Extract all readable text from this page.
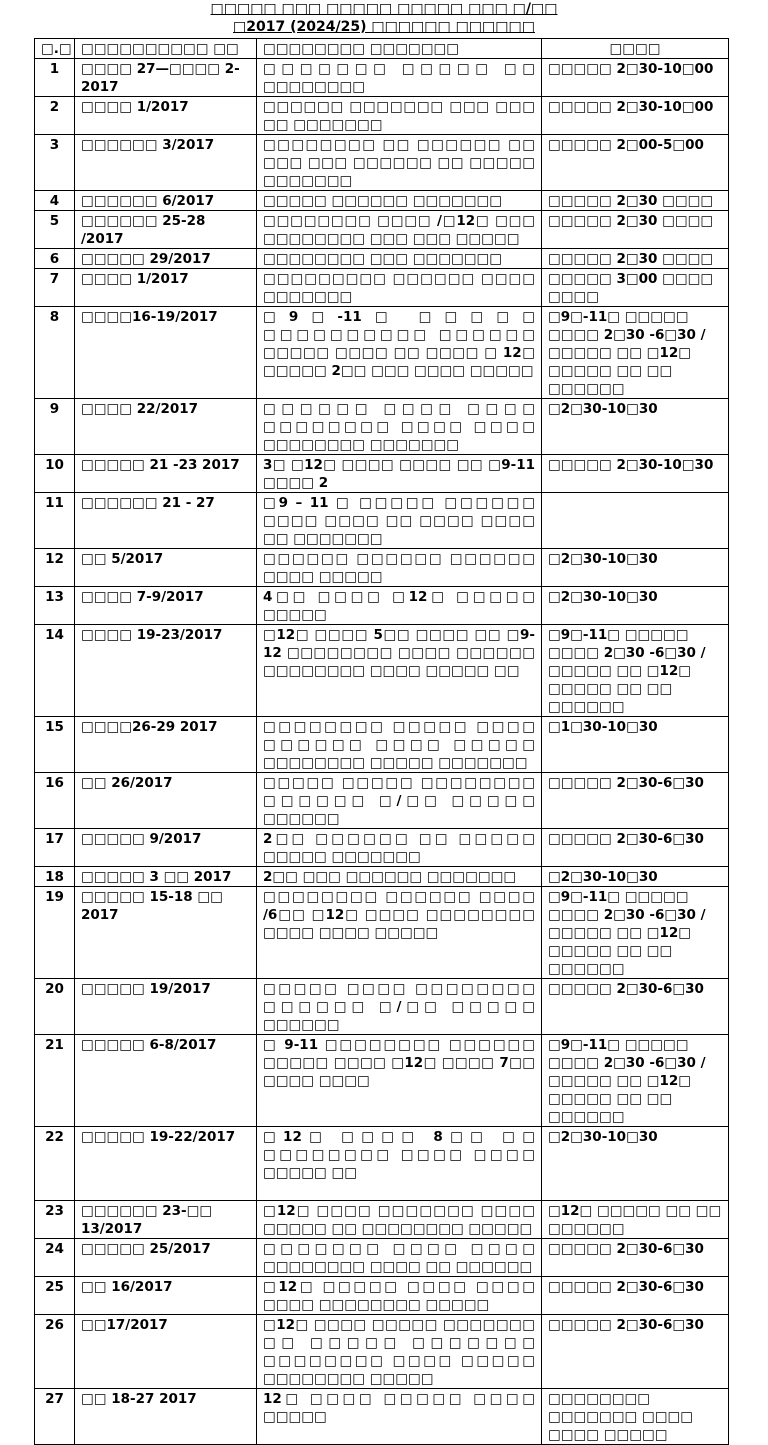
□□□□□ □□□ □□□□□ □□□□□ □□□ □/□□
□2017 (2024/25) □□□□□□ □□□□□□
□.□	□□□□□□□□□□ □□	□□□□□□□□ □□□□□□□	□□□□
1	□□□□ 27—□□□□ 2-2017	□□□□□□□ □□□□□ □□ □□□□□□□□	□□□□□ 2□30-10□00
2	□□□□ 1/2017	□□□□□□ □□□□□□□ □□□ □□□ □□ □□□□□□□	□□□□□ 2□30-10□00
3	□□□□□□ 3/2017	□□□□□□□□ □□ □□□□□□ □□ □□□ □□□ □□□□□□ □□ □□□□□ □□□□□□□	□□□□□ 2□00-5□00
4	□□□□□□ 6/2017	□□□□□ □□□□□□ □□□□□□□	□□□□□ 2□30 □□□□
5	□□□□□□ 25-28 /2017	□□□□□□□□ □□□□ /□12□ □□□ □□□□□□□□ □□□ □□□ □□□□□	□□□□□ 2□30 □□□□
6	□□□□□ 29/2017	□□□□□□□□ □□□ □□□□□□□	□□□□□ 2□30 □□□□
7	□□□□ 1/2017	□□□□□□□□□ □□□□□□ □□□□ □□□□□□□	□□□□□ 3□00 □□□□ □□□□
8	□□□□16-19/2017	□9□-11□ □□□□□ □□□□□□□□□□ □□□□□□ □□□□□ □□□□ □□ □□□□ □ 12□ □□□□□ 2□□ □□□ □□□□ □□□□□	□9□-11□ □□□□□ □□□□ 2□30 -6□30 /□□□□□ □□ □12□ □□□□□ □□ □□ □□□□□□
9	□□□□ 22/2017	□□□□□□ □□□□ □□□□ □□□□□□□□ □□□□ □□□□ □□□□□□□□ □□□□□□□	□2□30-10□30
10	□□□□□ 21 -23 2017	3□ □12□ □□□□ □□□□ □□ □9-11 □□□□ 2	□□□□□ 2□30-10□30
11	□□□□□□ 21 - 27	□9 – 11 □ □□□□□ □□□□□□ □□□□ □□□□ □□ □□□□ □□□□ □□ □□□□□□□	
12	□□ 5/2017	□□□□□□ □□□□□□ □□□□□□ □□□□ □□□□□	□2□30-10□30
13	□□□□ 7-9/2017	4□□ □□□□ □12□ □□□□□ □□□□□	□2□30-10□30
14	□□□□ 19-23/2017	□12□ □□□□ 5□□ □□□□ □□ □9-12 □□□□□□□□ □□□□ □□□□□□ □□□□□□□□ □□□□ □□□□□ □□	□9□-11□ □□□□□ □□□□ 2□30 -6□30 /□□□□□ □□ □12□ □□□□□ □□ □□ □□□□□□
15	□□□□26-29 2017	□□□□□□□□ □□□□□ □□□□ □□□□□□ □□□□ □□□□□ □□□□□□□□ □□□□□ □□□□□□□	□1□30-10□30
16	□□ 26/2017	□□□□□ □□□□□ □□□□□□□□ □□□□□□ □/□□ □□□□□ □□□□□□	□□□□□ 2□30-6□30
17	□□□□□ 9/2017	2□□ □□□□□□ □□ □□□□□ □□□□□ □□□□□□□	□□□□□ 2□30-6□30
18	□□□□□ 3 □□ 2017	2□□ □□□ □□□□□□ □□□□□□□	□2□30-10□30
19	□□□□□ 15-18 □□ 2017	□□□□□□□□ □□□□□□ □□□□ /6□□ □12□ □□□□ □□□□□□□□ □□□□ □□□□ □□□□□	□9□-11□ □□□□□ □□□□ 2□30 -6□30 /□□□□□ □□ □12□ □□□□□ □□ □□ □□□□□□
20	□□□□□ 19/2017	□□□□□ □□□□ □□□□□□□□ □□□□□□ □/□□ □□□□□ □□□□□□	□□□□□ 2□30-6□30
21	□□□□□ 6-8/2017	□ 9-11 □□□□□□□□ □□□□□□ □□□□□ □□□□ □12□ □□□□ 7□□ □□□□ □□□□	□9□-11□ □□□□□ □□□□ 2□30 -6□30 /□□□□□ □□ □12□ □□□□□ □□ □□ □□□□□□
22	□□□□□ 19-22/2017	□12□ □□□□ 8□□ □□ □□□□□□□□ □□□□ □□□□ □□□□□ □□	□2□30-10□30
23	□□□□□□ 23-□□ 13/2017	□12□ □□□□ □□□□□□□ □□□□ □□□□□ □□ □□□□□□□□ □□□□□	□12□ □□□□□ □□ □□ □□□□□□
24	□□□□□ 25/2017	□□□□□□□ □□□□ □□□□ □□□□□□□□ □□□□ □□ □□□□□□	□□□□□ 2□30-6□30
25	□□ 16/2017	□12□ □□□□□ □□□□ □□□□ □□□□ □□□□□□□□ □□□□□	□□□□□ 2□30-6□30
26	□□17/2017	□12□ □□□□ □□□□□ □□□□□□□ □□ □□□□□ □□□□□□□ □□□□□□□□ □□□□ □□□□□ □□□□□□□□ □□□□□	□□□□□ 2□30-6□30
27	□□ 18-27 2017	12□ □□□□ □□□□□ □□□□ □□□□□	□□□□□□□□ □□□□□□□ □□□□ □□□□ □□□□□
